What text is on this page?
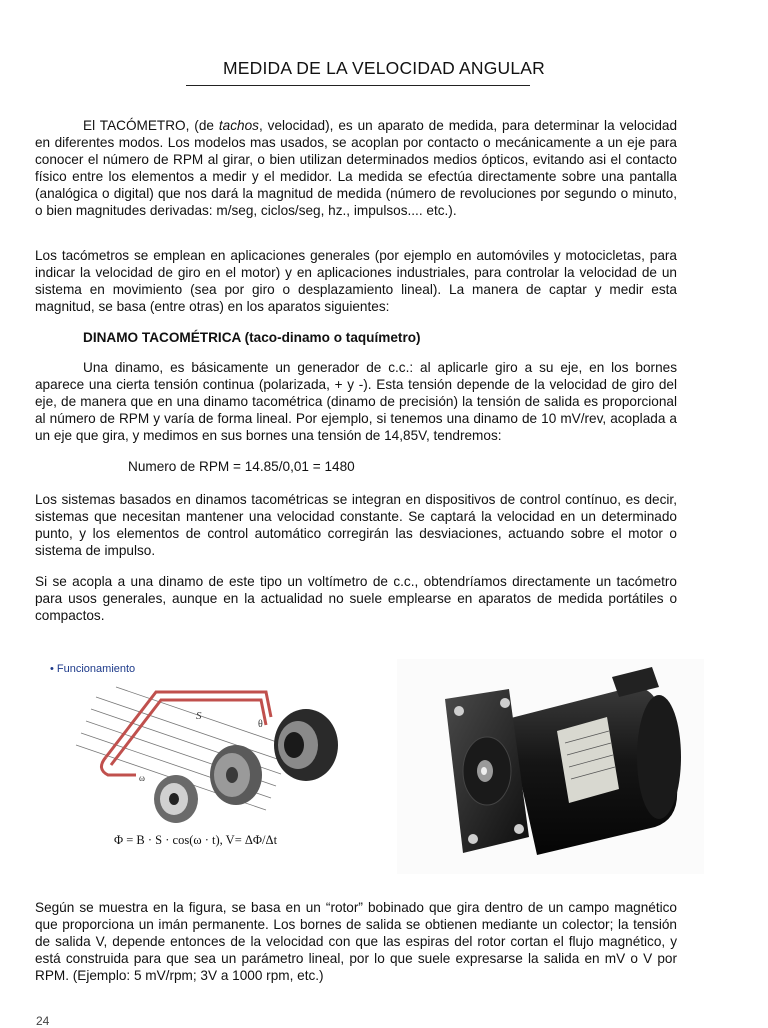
MEDIDA DE LA VELOCIDAD ANGULAR
El TACÓMETRO, (de tachos, velocidad), es un aparato de medida, para determinar la velocidad en diferentes modos. Los modelos mas usados, se acoplan por contacto o mecánicamente a un eje para conocer el número de RPM al girar, o bien utilizan determinados medios ópticos, evitando asi el contacto físico entre los elementos a medir y el medidor. La medida se efectúa directamente sobre una pantalla (analógica o digital) que nos dará la magnitud de medida (número de revoluciones por segundo o minuto, o bien magnitudes derivadas: m/seg, ciclos/seg, hz., impulsos.... etc.).
Los tacómetros se emplean en aplicaciones generales (por ejemplo en automóviles y motocicletas, para indicar la velocidad de giro en el motor) y en aplicaciones industriales, para controlar la velocidad de un sistema en movimiento (sea por giro o desplazamiento lineal). La manera de captar y medir esta magnitud, se basa (entre otras) en los aparatos siguientes:
DINAMO TACOMÉTRICA (taco-dinamo o taquímetro)
Una dinamo, es básicamente un generador de c.c.: al aplicarle giro a su eje, en los bornes aparece una cierta tensión continua (polarizada, + y -). Esta tensión depende de la velocidad de giro del eje, de manera que en una dinamo tacométrica (dinamo de precisión) la tensión de salida es proporcional al número de RPM y varía de forma lineal. Por ejemplo, si tenemos una dinamo de 10 mV/rev, acoplada a un eje que gira, y medimos en sus bornes una tensión de 14,85V, tendremos:
Numero de RPM = 14.85/0,01 = 1480
Los sistemas basados en dinamos tacométricas se integran en dispositivos de control contínuo, es decir, sistemas que necesitan mantener una velocidad constante. Se captará la velocidad en un determinado punto, y los elementos de control automático corregirán las desviaciones, actuando sobre el motor o sistema de impulso.
Si se acopla a una dinamo de este tipo un voltímetro de c.c., obtendríamos directamente un tacómetro para usos generales, aunque en la actualidad no suele emplearse en aparatos de medida portátiles o compactos.
• Funcionamiento
S
θ
ω
Φ = B · S · cos(ω · t), V= ΔΦ/Δt
Según se muestra en la figura, se basa en un “rotor” bobinado que gira dentro de un campo magnético que proporciona un imán permanente. Los bornes de salida se obtienen mediante un colector; la tensión de salida V, depende entonces de la velocidad con que las espiras del rotor cortan el flujo magnético, y está construida para que sea un parámetro lineal, por lo que suele expresarse la salida en mV o V por RPM. (Ejemplo: 5 mV/rpm; 3V a 1000 rpm, etc.)
24
